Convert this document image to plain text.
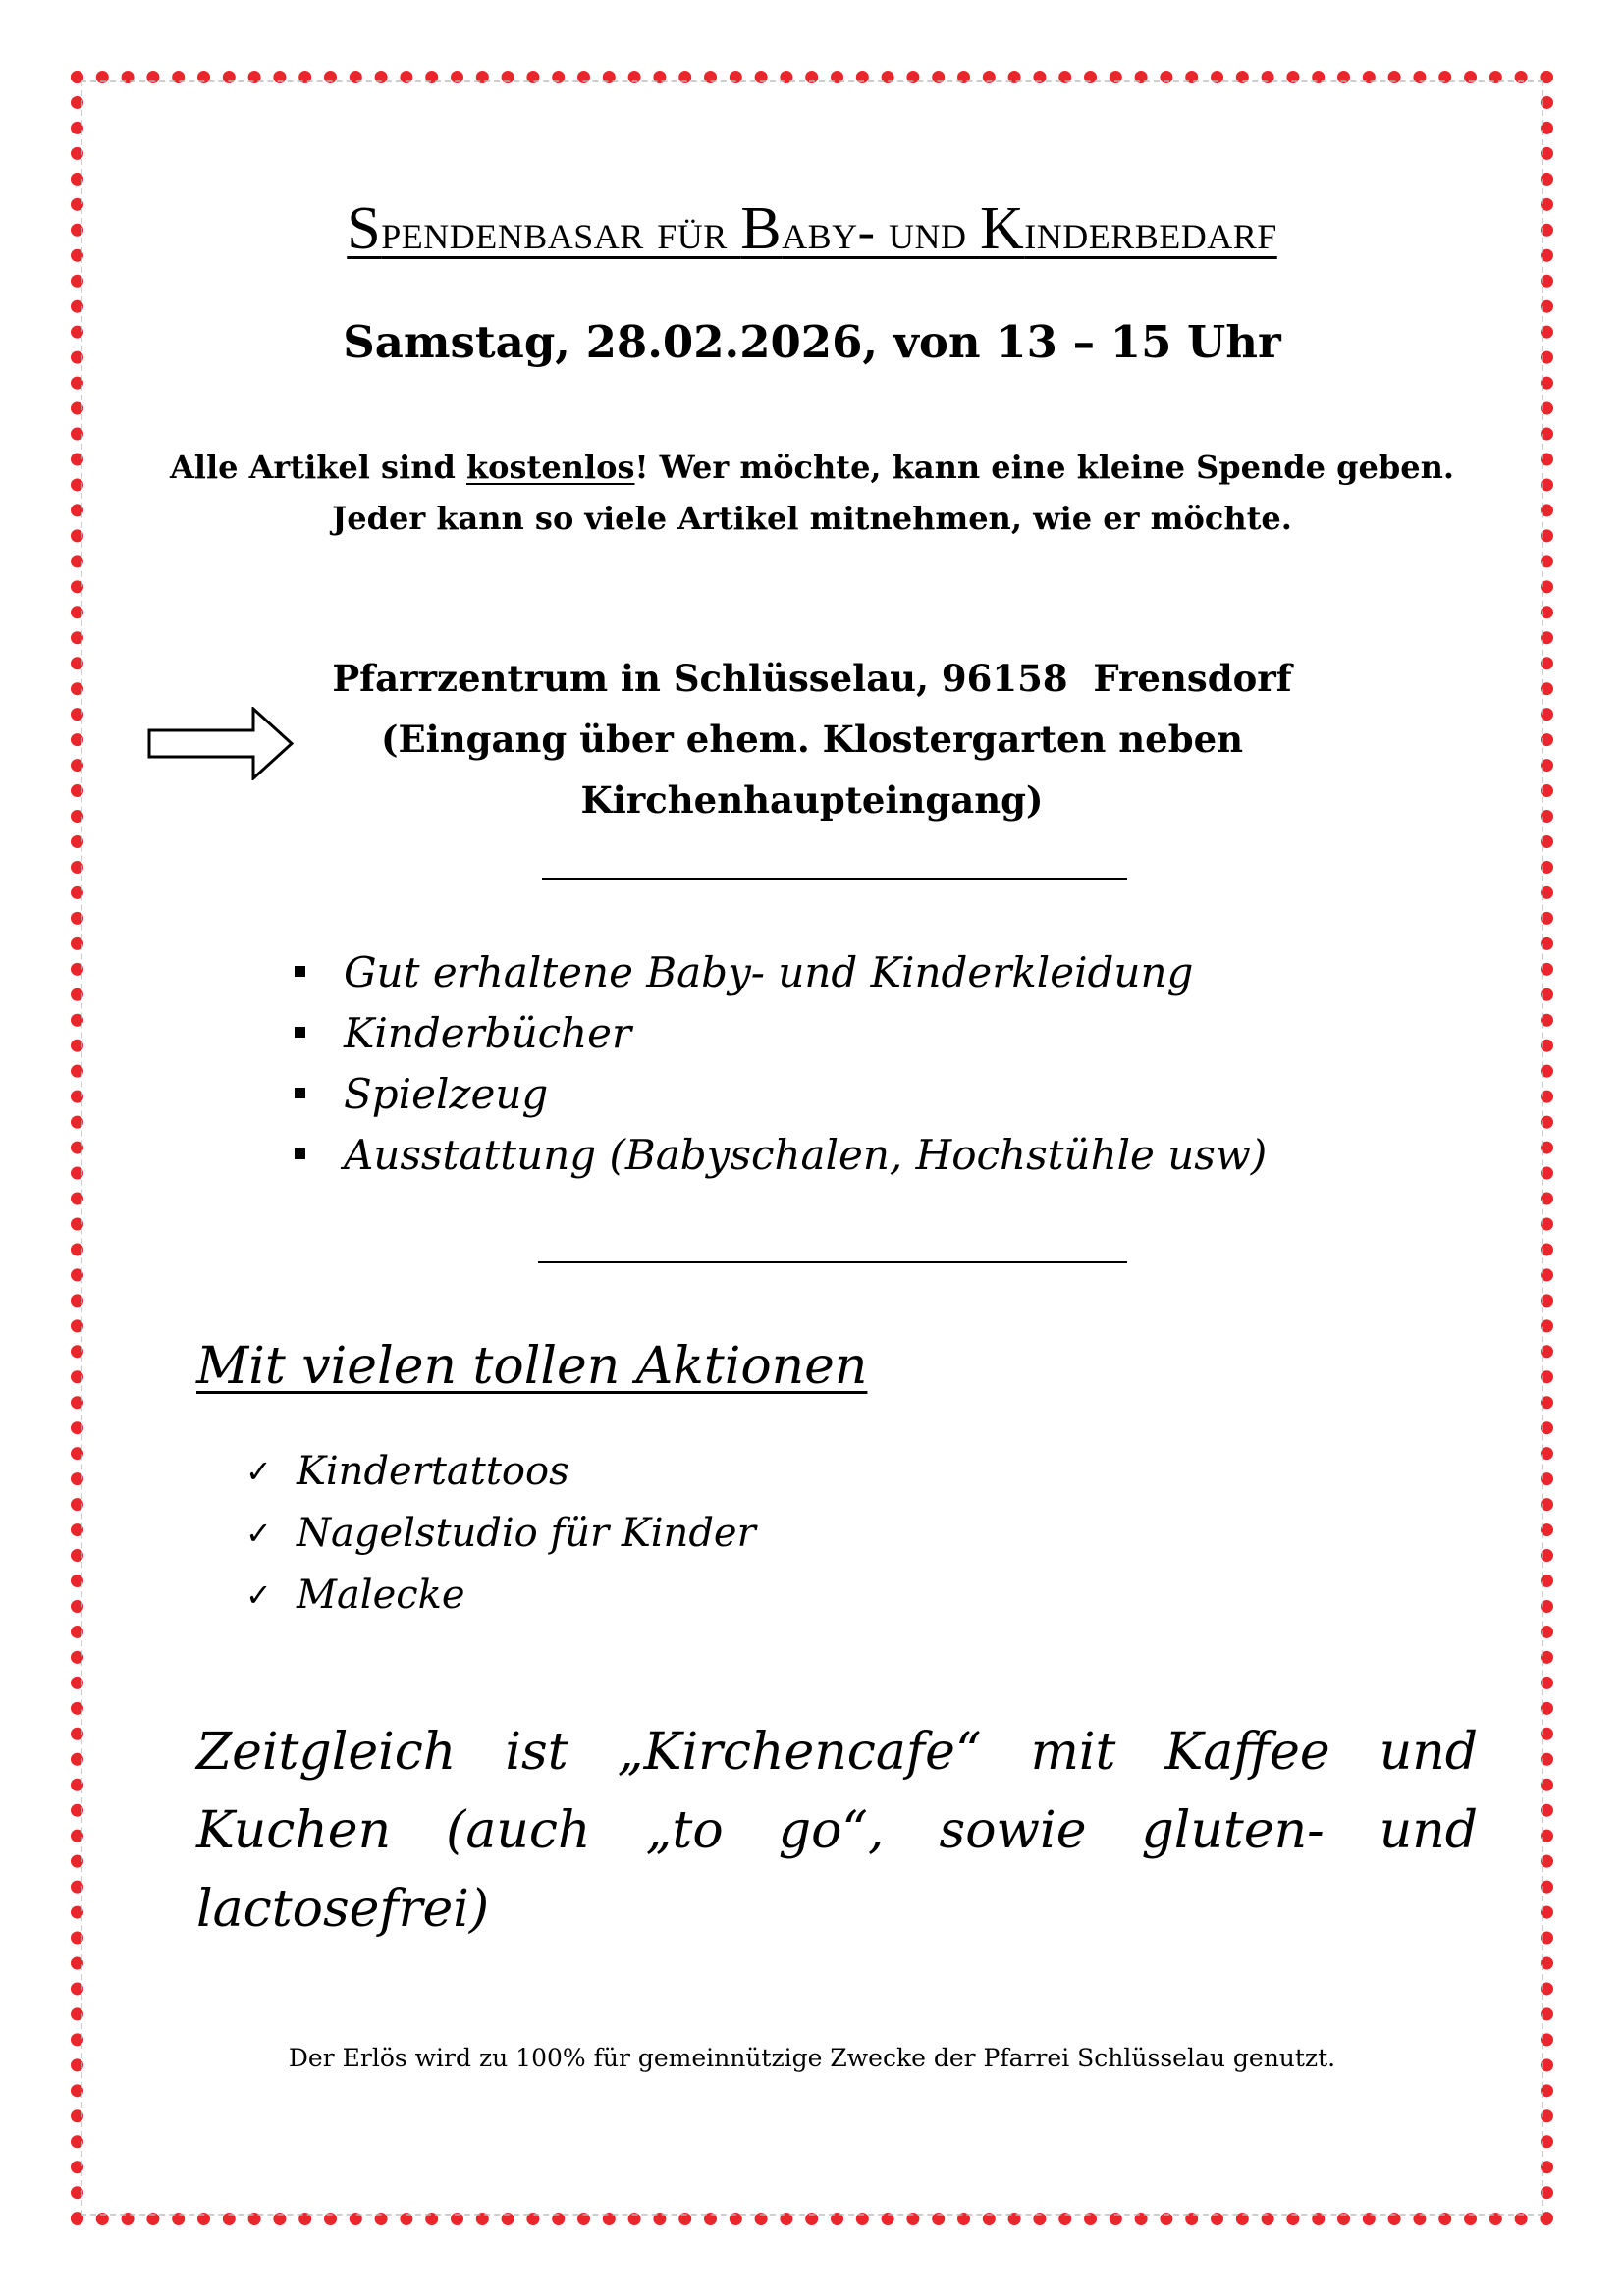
Spendenbasar für Baby- und Kinderbedarf
Samstag, 28.02.2026, von 13 – 15 Uhr
Alle Artikel sind kostenlos! Wer möchte, kann eine kleine Spende geben.
Jeder kann so viele Artikel mitnehmen, wie er möchte.
Pfarrzentrum in Schlüsselau, 96158  Frensdorf
(Eingang über ehem. Klostergarten neben
Kirchenhaupteingang)
Gut erhaltene Baby- und Kinderkleidung
Kinderbücher
Spielzeug
Ausstattung (Babyschalen, Hochstühle usw)
Mit vielen tollen Aktionen
✓ Kindertattoos
✓ Nagelstudio für Kinder
✓ Malecke

Zeitgleich ist „Kirchencafe“ mit Kaffee und Kuchen (auch „to go“, sowie gluten- und lactosefrei)

Der Erlös wird zu 100% für gemeinnützige Zwecke der Pfarrei Schlüsselau genutzt.
